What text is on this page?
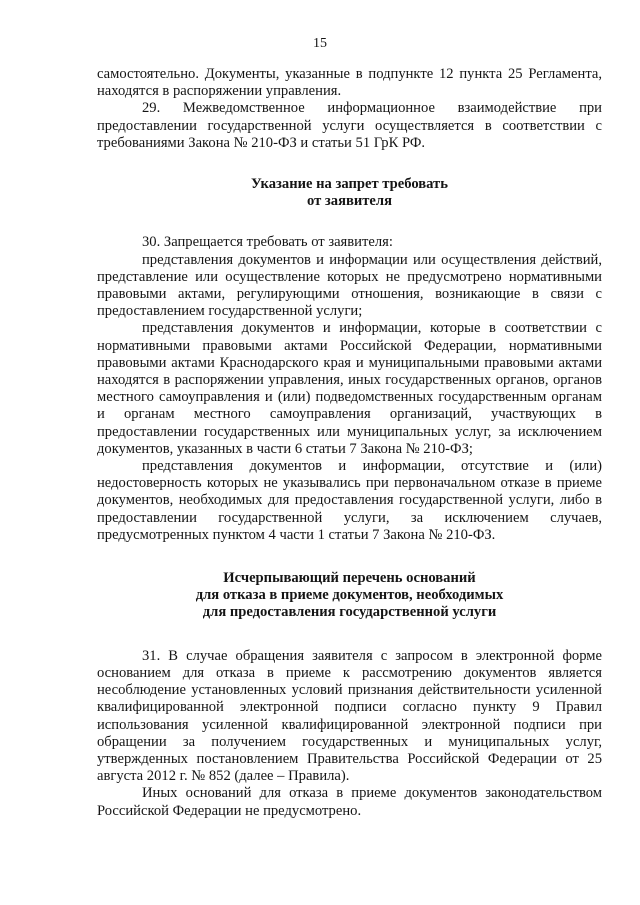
15

самостоятельно. Документы, указанные в подпункте 12 пункта 25 Регламента, находятся в распоряжении управления.

29. Межведомственное информационное взаимодействие при предоставлении государственной услуги осуществляется в соответствии с требованиями Закона № 210-ФЗ и статьи 51 ГрК РФ.

Указание на запрет требовать
от заявителя

30. Запрещается требовать от заявителя:

представления документов и информации или осуществления действий, представление или осуществление которых не предусмотрено нормативными правовыми актами, регулирующими отношения, возникающие в связи с предоставлением государственной услуги;

представления документов и информации, которые в соответствии с нормативными правовыми актами Российской Федерации, нормативными правовыми актами Краснодарского края и муниципальными правовыми актами находятся в распоряжении управления, иных государственных органов, органов местного самоуправления и (или) подведомственных государственным органам и органам местного самоуправления организаций, участвующих в предоставлении государственных или муниципальных услуг, за исключением документов, указанных в части 6 статьи 7 Закона № 210-ФЗ;

представления документов и информации, отсутствие и (или) недостоверность которых не указывались при первоначальном отказе в приеме документов, необходимых для предоставления государственной услуги, либо в предоставлении государственной услуги, за исключением случаев, предусмотренных пунктом 4 части 1 статьи 7 Закона № 210-ФЗ.

Исчерпывающий перечень оснований
для отказа в приеме документов, необходимых
для предоставления государственной услуги

31. В случае обращения заявителя с запросом в электронной форме основанием для отказа в приеме к рассмотрению документов является несоблюдение установленных условий признания действительности усиленной квалифицированной электронной подписи согласно пункту 9 Правил использования усиленной квалифицированной электронной подписи при обращении за получением государственных и муниципальных услуг, утвержденных постановлением Правительства Российской Федерации от 25 августа 2012 г. № 852 (далее – Правила).

Иных оснований для отказа в приеме документов законодательством Российской Федерации не предусмотрено.
